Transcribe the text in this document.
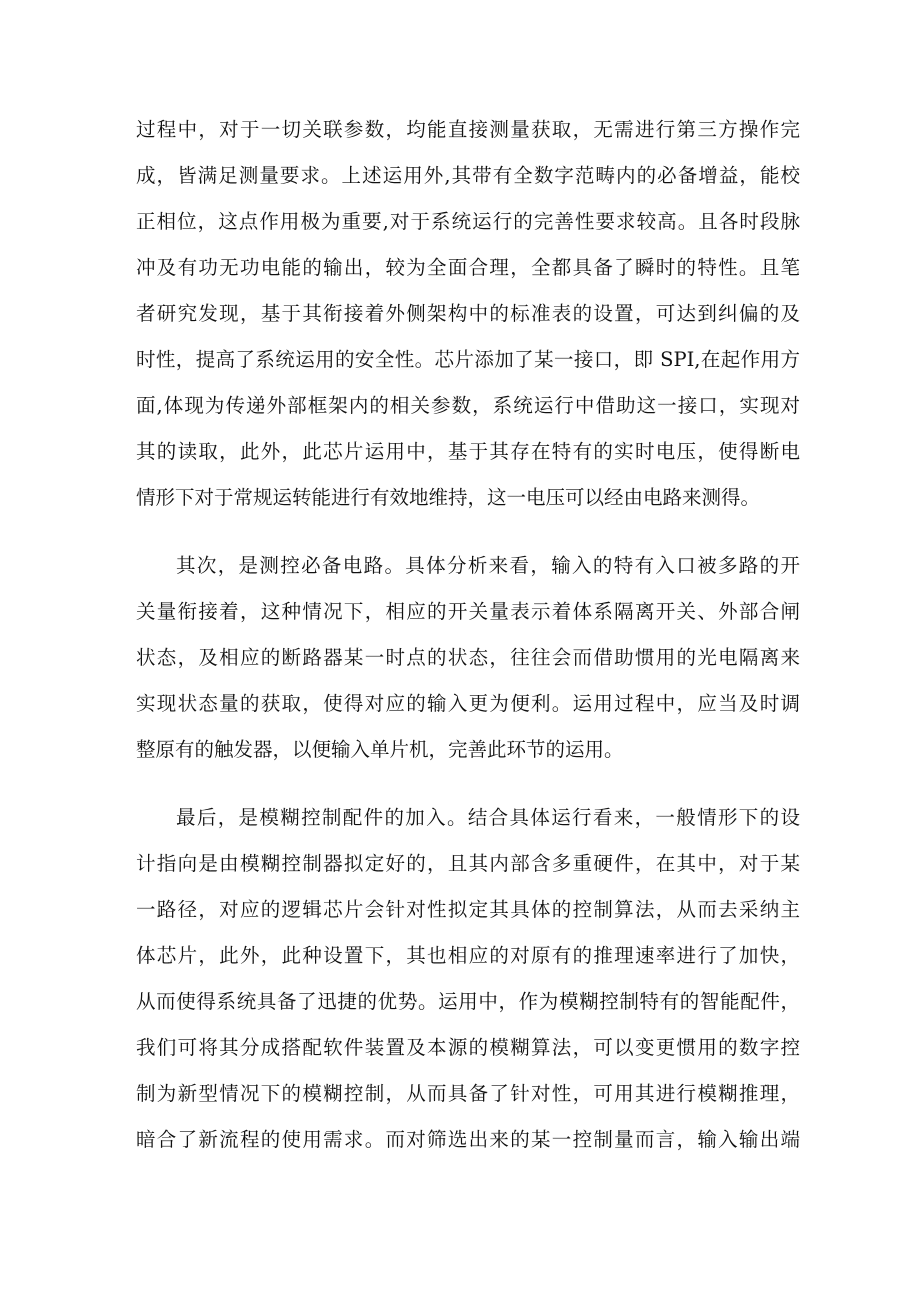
过程中，对于一切关联参数，均能直接测量获取，无需进行第三方操作完
成，皆满足测量要求。上述运用外,其带有全数字范畴内的必备增益，能校
正相位，这点作用极为重要,对于系统运行的完善性要求较高。且各时段脉
冲及有功无功电能的输出，较为全面合理，全都具备了瞬时的特性。且笔
者研究发现，基于其衔接着外侧架构中的标准表的设置，可达到纠偏的及
时性，提高了系统运用的安全性。芯片添加了某一接口，即 SPI,在起作用方
面,体现为传递外部框架内的相关参数，系统运行中借助这一接口，实现对
其的读取，此外，此芯片运用中，基于其存在特有的实时电压，使得断电
情形下对于常规运转能进行有效地维持，这一电压可以经由电路来测得。
其次，是测控必备电路。具体分析来看，输入的特有入口被多路的开
关量衔接着，这种情况下，相应的开关量表示着体系隔离开关、外部合闸
状态，及相应的断路器某一时点的状态，往往会而借助惯用的光电隔离来
实现状态量的获取，使得对应的输入更为便利。运用过程中，应当及时调
整原有的触发器，以便输入单片机，完善此环节的运用。
最后，是模糊控制配件的加入。结合具体运行看来，一般情形下的设
计指向是由模糊控制器拟定好的，且其内部含多重硬件，在其中，对于某
一路径，对应的逻辑芯片会针对性拟定其具体的控制算法，从而去采纳主
体芯片，此外，此种设置下，其也相应的对原有的推理速率进行了加快，
从而使得系统具备了迅捷的优势。运用中，作为模糊控制特有的智能配件，
我们可将其分成搭配软件装置及本源的模糊算法，可以变更惯用的数字控
制为新型情况下的模糊控制，从而具备了针对性，可用其进行模糊推理，
暗合了新流程的使用需求。而对筛选出来的某一控制量而言，输入输出端
